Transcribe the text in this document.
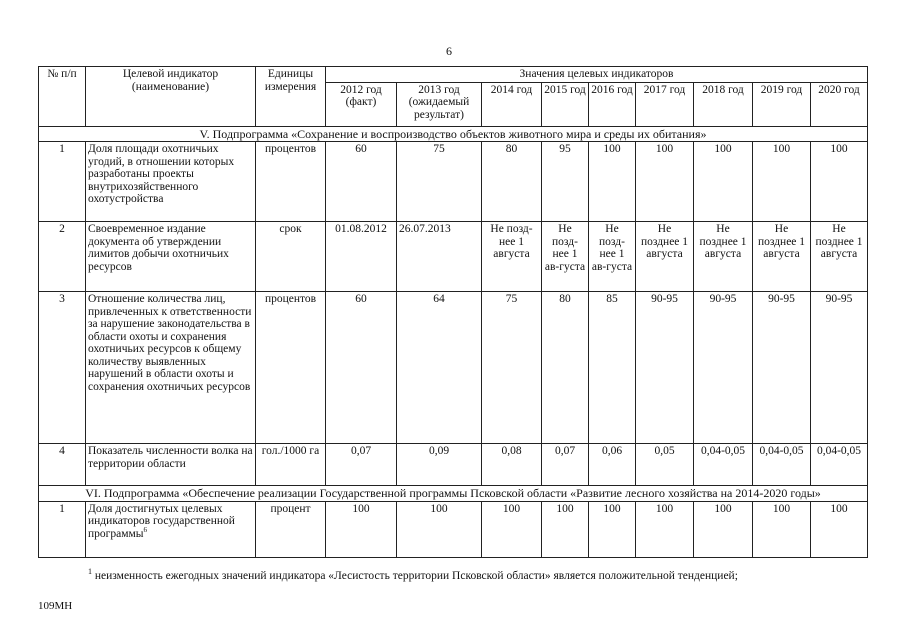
6
№ п/п	Целевой индикатор (наименование)	Единицы измерения	Значения целевых индикаторов								
			2012 год (факт)	2013 год (ожидаемый результат)	2014 год	2015 год	2016 год	2017 год	2018 год	2019 год	2020 год
V. Подпрограмма «Сохранение и воспроизводство объектов животного мира и среды их обитания»											
1	Доля площади охотничьих угодий, в отношении которых разработаны проекты внутрихозяйственного охотустройства	процентов	60	75	80	95	100	100	100	100	100
2	Своевременное издание документа об утверждении лимитов добычи охотничьих ресурсов	срок	01.08.2012	26.07.2013	Не позд-нее 1 августа	Не позд-нее 1 ав-густа	Не позд-нее 1 ав-густа	Не позднее 1 августа	Не позднее 1 августа	Не позднее 1 августа	Не позднее 1 августа
3	Отношение количества лиц, привлеченных к ответственности за нарушение законодательства в области охоты и сохранения охотничьих ресурсов к общему количеству выявленных нарушений в области охоты и сохранения охотничьих ресурсов	процентов	60	64	75	80	85	90-95	90-95	90-95	90-95
4	Показатель численности волка на территории области	гол./1000 га	0,07	0,09	0,08	0,07	0,06	0,05	0,04-0,05	0,04-0,05	0,04-0,05
VI. Подпрограмма «Обеспечение реализации Государственной программы Псковской области «Развитие лесного хозяйства на 2014-2020 годы»											
1	Доля достигнутых целевых индикаторов государственной программы$^6$	процент	100	100	100	100	100	100	100	100	100
$^1$ неизменность ежегодных значений индикатора «Лесистость территории Псковской области» является положительной тенденцией;
109МН
